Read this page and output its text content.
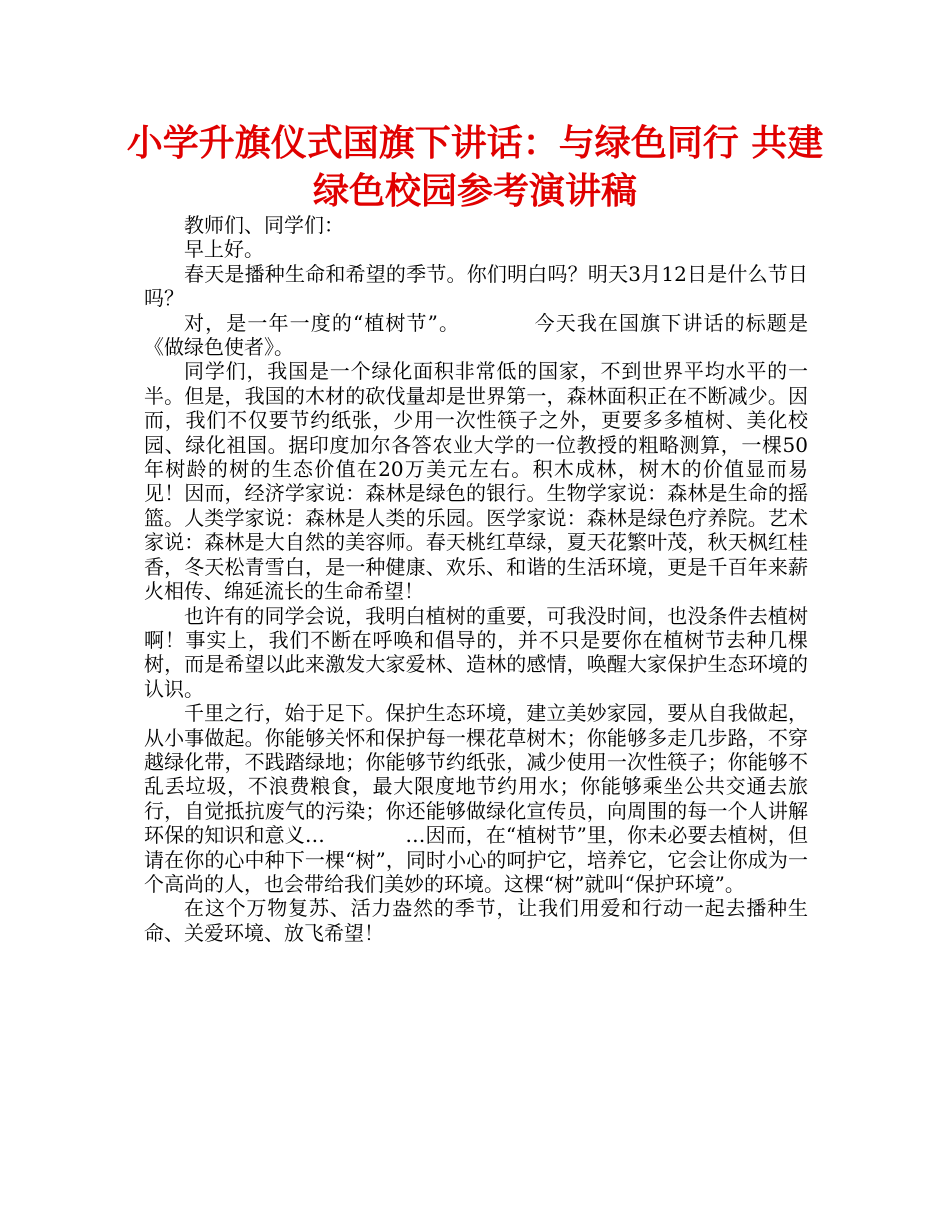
小学升旗仪式国旗下讲话：与绿色同行 共建绿色校园参考演讲稿

教师们、同学们：

早上好。

春天是播种生命和希望的季节。你们明白吗？明天3月12日是什么节日吗？

对，是一年一度的“植树节”。　　　　今天我在国旗下讲话的标题是《做绿色使者》。

同学们，我国是一个绿化面积非常低的国家，不到世界平均水平的一半。但是，我国的木材的砍伐量却是世界第一，森林面积正在不断减少。因而，我们不仅要节约纸张，少用一次性筷子之外，更要多多植树、美化校园、绿化祖国。据印度加尔各答农业大学的一位教授的粗略测算，一棵50年树龄的树的生态价值在20万美元左右。积木成林，树木的价值显而易见！因而，经济学家说：森林是绿色的银行。生物学家说：森林是生命的摇篮。人类学家说：森林是人类的乐园。医学家说：森林是绿色疗养院。艺术家说：森林是大自然的美容师。春天桃红草绿，夏天花繁叶茂，秋天枫红桂香，冬天松青雪白，是一种健康、欢乐、和谐的生活环境，更是千百年来薪火相传、绵延流长的生命希望！

也许有的同学会说，我明白植树的重要，可我没时间，也没条件去植树啊！事实上，我们不断在呼唤和倡导的，并不只是要你在植树节去种几棵树，而是希望以此来激发大家爱林、造林的感情，唤醒大家保护生态环境的认识。

千里之行，始于足下。保护生态环境，建立美妙家园，要从自我做起，从小事做起。你能够关怀和保护每一棵花草树木；你能够多走几步路，不穿越绿化带，不践踏绿地；你能够节约纸张，减少使用一次性筷子；你能够不乱丢垃圾，不浪费粮食，最大限度地节约用水；你能够乘坐公共交通去旅行，自觉抵抗废气的污染；你还能够做绿化宣传员，向周围的每一个人讲解环保的知识和意义…　　　　…因而，在“植树节”里，你未必要去植树，但请在你的心中种下一棵“树”，同时小心的呵护它，培养它，它会让你成为一个高尚的人，也会带给我们美妙的环境。这棵“树”就叫“保护环境”。

在这个万物复苏、活力盎然的季节，让我们用爱和行动一起去播种生命、关爱环境、放飞希望！
